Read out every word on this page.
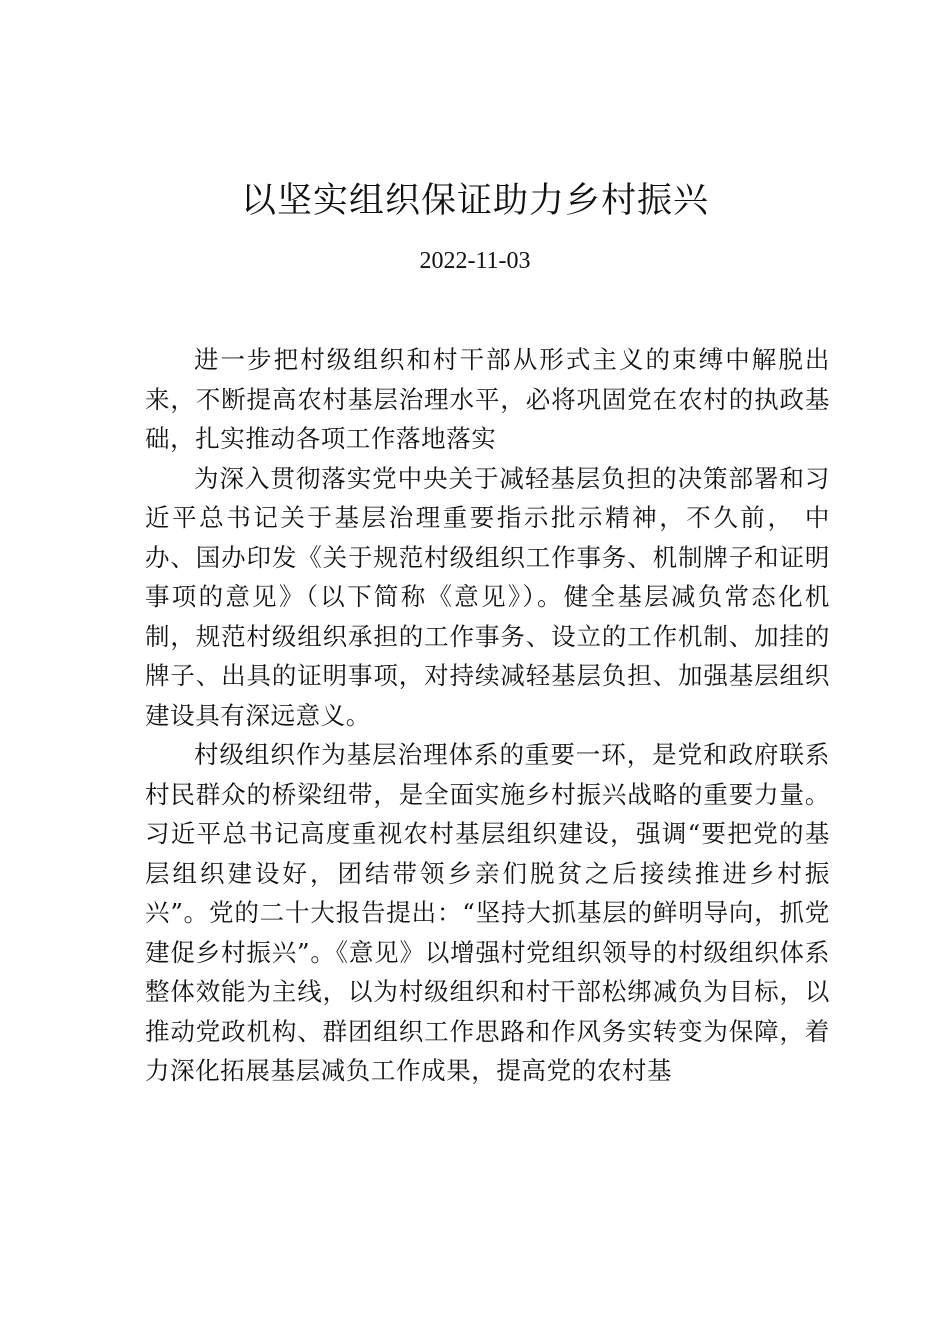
以坚实组织保证助力乡村振兴
2022-11-03

进一步把村级组织和村干部从形式主义的束缚中解脱出来，不断提高农村基层治理水平，必将巩固党在农村的执政基础，扎实推动各项工作落地落实

为深入贯彻落实党中央关于减轻基层负担的决策部署和习近平总书记关于基层治理重要指示批示精神，不久前， 中办、国办印发《关于规范村级组织工作事务、机制牌子和证明事项的意见》（以下简称《意见》）。健全基层减负常态化机制，规范村级组织承担的工作事务、设立的工作机制、加挂的牌子、出具的证明事项，对持续减轻基层负担、加强基层组织建设具有深远意义。

村级组织作为基层治理体系的重要一环，是党和政府联系村民群众的桥梁纽带，是全面实施乡村振兴战略的重要力量。习近平总书记高度重视农村基层组织建设，强调“要把党的基层组织建设好，团结带领乡亲们脱贫之后接续推进乡村振兴”。党的二十大报告提出：“坚持大抓基层的鲜明导向，抓党建促乡村振兴”。《意见》以增强村党组织领导的村级组织体系整体效能为主线，以为村级组织和村干部松绑减负为目标，以推动党政机构、群团组织工作思路和作风务实转变为保障，着力深化拓展基层减负工作成果，提高党的农村基
